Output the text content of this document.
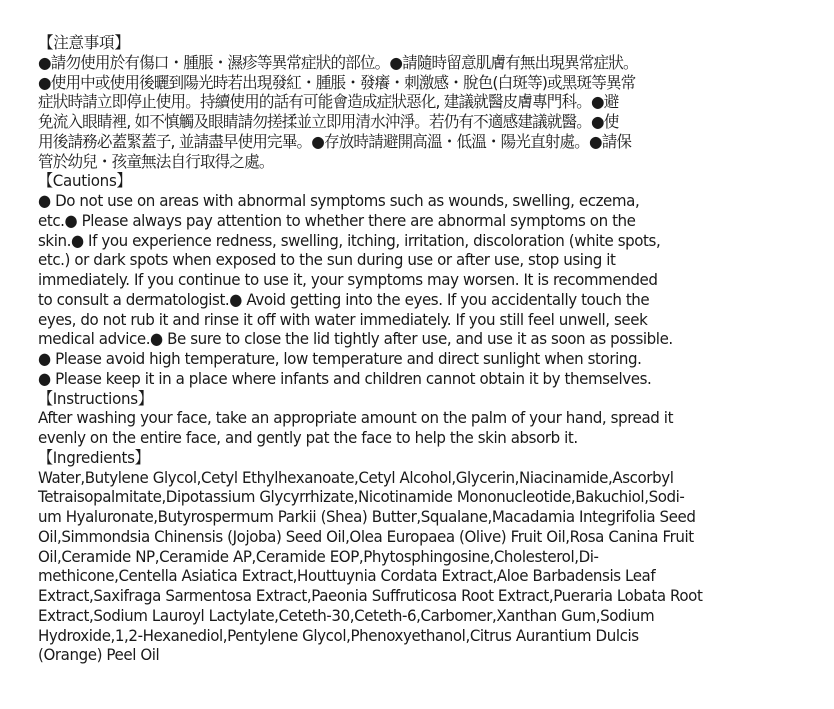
【注意事項】
●請勿使用於有傷口・腫脹・濕疹等異常症狀的部位。●請隨時留意肌膚有無出現異常症狀。
●使用中或使用後曬到陽光時若出現發紅・腫脹・發癢・刺激感・脫色(白斑等)或黑斑等異常
症狀時請立即停止使用。持續使用的話有可能會造成症狀惡化, 建議就醫皮膚專門科。●避
免流入眼睛裡, 如不慎觸及眼睛請勿搓揉並立即用清水沖淨。若仍有不適感建議就醫。●使
用後請務必蓋緊蓋子, 並請盡早使用完畢。●存放時請避開高溫・低溫・陽光直射處。●請保
管於幼兒・孩童無法自行取得之處。
【Cautions】
● Do not use on areas with abnormal symptoms such as wounds, swelling, eczema,
etc.● Please always pay attention to whether there are abnormal symptoms on the
skin.● If you experience redness, swelling, itching, irritation, discoloration (white spots,
etc.) or dark spots when exposed to the sun during use or after use, stop using it
immediately. If you continue to use it, your symptoms may worsen. It is recommended
to consult a dermatologist.● Avoid getting into the eyes. If you accidentally touch the
eyes, do not rub it and rinse it off with water immediately. If you still feel unwell, seek
medical advice.● Be sure to close the lid tightly after use, and use it as soon as possible.
● Please avoid high temperature, low temperature and direct sunlight when storing.
● Please keep it in a place where infants and children cannot obtain it by themselves.
【Instructions】
After washing your face, take an appropriate amount on the palm of your hand, spread it
evenly on the entire face, and gently pat the face to help the skin absorb it.
【Ingredients】
Water,Butylene Glycol,Cetyl Ethylhexanoate,Cetyl Alcohol,Glycerin,Niacinamide,Ascorbyl
Tetraisopalmitate,Dipotassium Glycyrrhizate,Nicotinamide Mononucleotide,Bakuchiol,Sodi-
um Hyaluronate,Butyrospermum Parkii (Shea) Butter,Squalane,Macadamia Integrifolia Seed
Oil,Simmondsia Chinensis (Jojoba) Seed Oil,Olea Europaea (Olive) Fruit Oil,Rosa Canina Fruit
Oil,Ceramide NP,Ceramide AP,Ceramide EOP,Phytosphingosine,Cholesterol,Di-
methicone,Centella Asiatica Extract,Houttuynia Cordata Extract,Aloe Barbadensis Leaf
Extract,Saxifraga Sarmentosa Extract,Paeonia Suffruticosa Root Extract,Pueraria Lobata Root
Extract,Sodium Lauroyl Lactylate,Ceteth-30,Ceteth-6,Carbomer,Xanthan Gum,Sodium
Hydroxide,1,2-Hexanediol,Pentylene Glycol,Phenoxyethanol,Citrus Aurantium Dulcis
(Orange) Peel Oil
